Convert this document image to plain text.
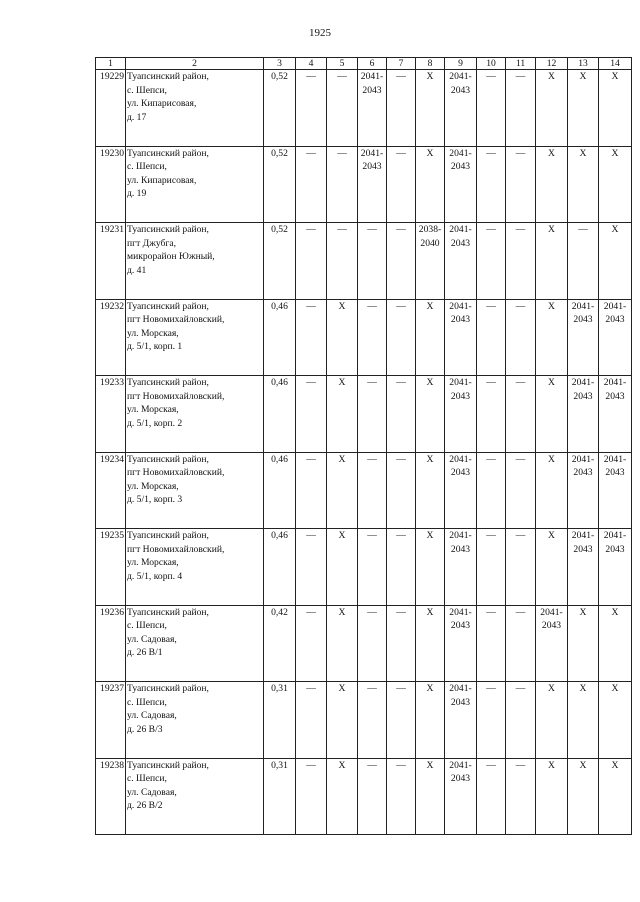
1925
1	2	3	4	5	6	7	8	9	10	11	12	13	14
19229	Туапсинский район,
с. Шепси,
ул. Кипарисовая,
д. 17	0,52	—	—	2041-
2043	—	X	2041-
2043	—	—	X	X	X

19230	Туапсинский район,
с. Шепси,
ул. Кипарисовая,
д. 19	0,52	—	—	2041-
2043	—	X	2041-
2043	—	—	X	X	X

19231	Туапсинский район,
пгт Джубга,
микрорайон Южный,
д. 41	0,52	—	—	—	—	2038-
2040	2041-
2043	—	—	X	—	X

19232	Туапсинский район,
пгт Новомихайловский,
ул. Морская,
д. 5/1, корп. 1	0,46	—	X	—	—	X	2041-
2043	—	—	X	2041-
2043	2041-
2043

19233	Туапсинский район,
пгт Новомихайловский,
ул. Морская,
д. 5/1, корп. 2	0,46	—	X	—	—	X	2041-
2043	—	—	X	2041-
2043	2041-
2043

19234	Туапсинский район,
пгт Новомихайловский,
ул. Морская,
д. 5/1, корп. 3	0,46	—	X	—	—	X	2041-
2043	—	—	X	2041-
2043	2041-
2043

19235	Туапсинский район,
пгт Новомихайловский,
ул. Морская,
д. 5/1, корп. 4	0,46	—	X	—	—	X	2041-
2043	—	—	X	2041-
2043	2041-
2043

19236	Туапсинский район,
с. Шепси,
ул. Садовая,
д. 26 В/1	0,42	—	X	—	—	X	2041-
2043	—	—	2041-
2043	X	X

19237	Туапсинский район,
с. Шепси,
ул. Садовая,
д. 26 В/3	0,31	—	X	—	—	X	2041-
2043	—	—	X	X	X

19238	Туапсинский район,
с. Шепси,
ул. Садовая,
д. 26 В/2	0,31	—	X	—	—	X	2041-
2043	—	—	X	X	X
